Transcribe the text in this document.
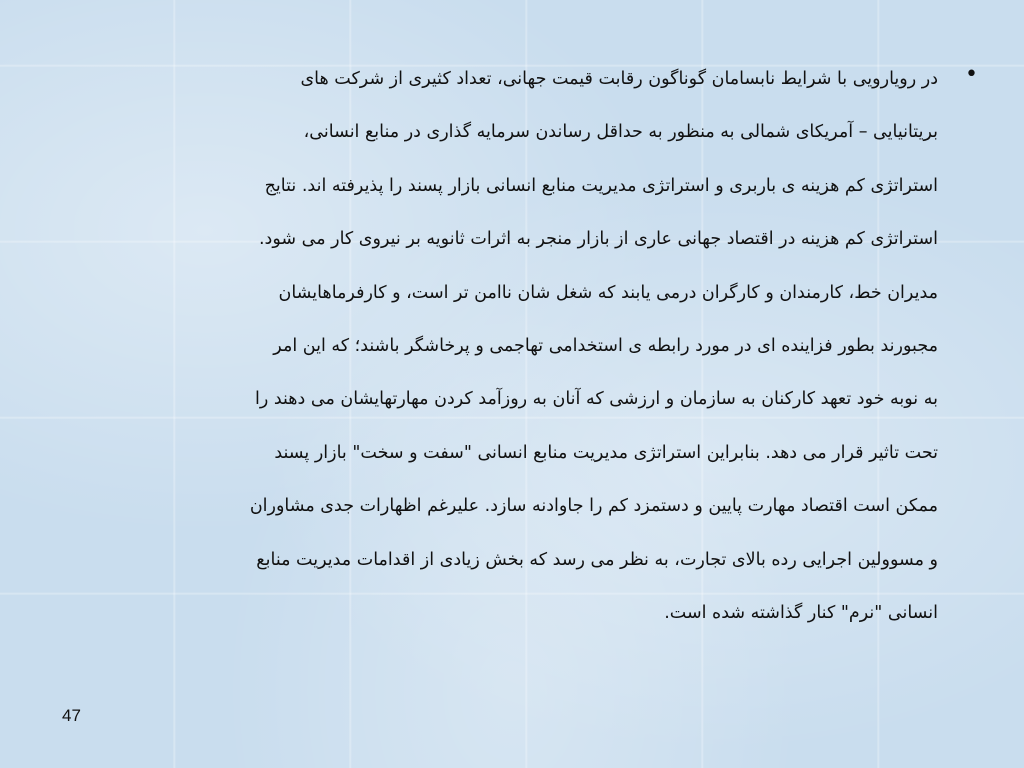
•
در رویارویی با شرایط نابسامان گوناگون رقابت قیمت جهانی، تعداد کثیری از شرکت های
بریتانیایی – آمریکای شمالی به منظور به حداقل رساندن سرمایه گذاری در منابع انسانی،
استراتژی کم هزینه ی باربری و استراتژی مدیریت منابع انسانی بازار پسند را پذیرفته اند. نتایج
استراتژی کم هزینه در اقتصاد جهانی عاری از بازار منجر به اثرات ثانویه بر نیروی کار می شود.
مدیران خط، کارمندان و کارگران درمی یابند که شغل شان ناامن تر است، و کارفرماهایشان
مجبورند بطور فزاینده ای در مورد رابطه ی استخدامی تهاجمی و پرخاشگر باشند؛ که این امر
به نوبه خود تعهد کارکنان به سازمان و ارزشی که آنان به روزآمد کردن مهارتهایشان می دهند را
تحت تاثیر قرار می دهد. بنابراین استراتژی مدیریت منابع انسانی "سفت و سخت" بازار پسند
ممکن است اقتصاد مهارت پایین و دستمزد کم را جاوادنه سازد. علیرغم اظهارات جدی مشاوران
و مسوولین اجرایی رده بالای تجارت، به نظر می رسد که بخش زیادی از اقدامات مدیریت منابع
انسانی "نرم" کنار گذاشته شده است.
47
